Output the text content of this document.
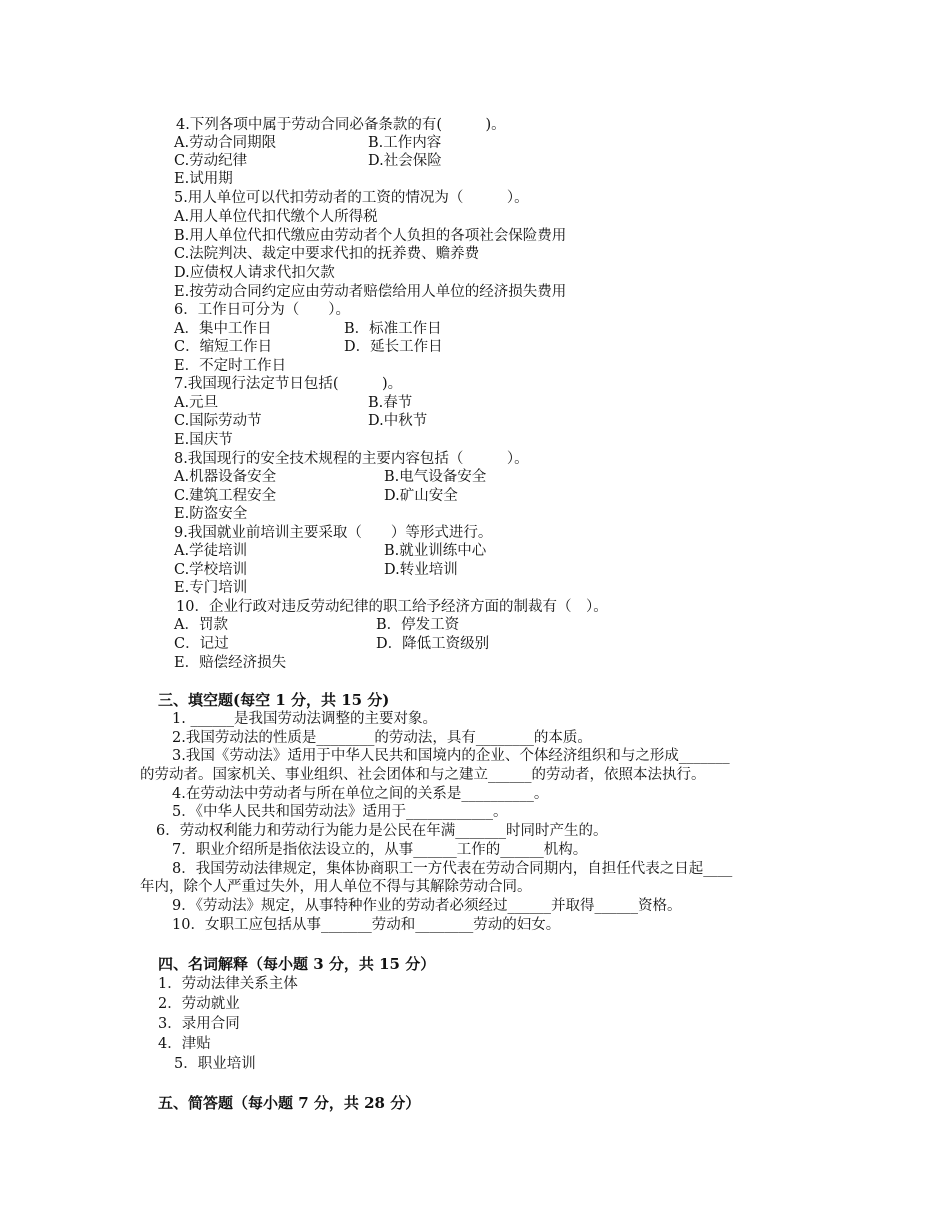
4.下列各项中属于劳动合同必备条款的有(　　　)。
A.劳动合同期限	B.工作内容
C.劳动纪律	D.社会保险
E.试用期
5.用人单位可以代扣劳动者的工资的情况为（　　　）。
A.用人单位代扣代缴个人所得税
B.用人单位代扣代缴应由劳动者个人负担的各项社会保险费用
C.法院判决、裁定中要求代扣的抚养费、赡养费
D.应债权人请求代扣欠款
E.按劳动合同约定应由劳动者赔偿给用人单位的经济损失费用
6．工作日可分为（　　）。
A．集中工作日	B．标准工作日
C．缩短工作日	D．延长工作日
E．不定时工作日
7.我国现行法定节日包括(　　　)。
A.元旦	B.春节
C.国际劳动节	D.中秋节
E.国庆节
8.我国现行的安全技术规程的主要内容包括（　　　）。
A.机器设备安全	B.电气设备安全
C.建筑工程安全	D.矿山安全
E.防盗安全
9.我国就业前培训主要采取（　　）等形式进行。
A.学徒培训	B.就业训练中心
C.学校培训	D.转业培训
E.专门培训
10．企业行政对违反劳动纪律的职工给予经济方面的制裁有（　）。
A．罚款	B．停发工资
C．记过	D．降低工资级别
E．赔偿经济损失
三、填空题(每空 1 分，共 15 分)
1. ______是我国劳动法调整的主要对象。
2.我国劳动法的性质是________的劳动法，具有________的本质。
3.我国《劳动法》适用于中华人民共和国境内的企业、个体经济组织和与之形成_______
的劳动者。国家机关、事业组织、社会团体和与之建立______的劳动者，依照本法执行。
4.在劳动法中劳动者与所在单位之间的关系是__________。
5．《中华人民共和国劳动法》适用于____________。
6．劳动权利能力和劳动行为能力是公民在年满_______时同时产生的。
7．职业介绍所是指依法设立的，从事______工作的______机构。
8．我国劳动法律规定，集体协商职工一方代表在劳动合同期内，自担任代表之日起____
年内，除个人严重过失外，用人单位不得与其解除劳动合同。
9．《劳动法》规定，从事特种作业的劳动者必须经过______并取得______资格。
10．女职工应包括从事_______劳动和________劳动的妇女。
四、名词解释（每小题 3 分，共 15 分）
1．劳动法律关系主体
2．劳动就业
3．录用合同
4．津贴
5．职业培训
五、简答题（每小题 7 分，共 28 分）
